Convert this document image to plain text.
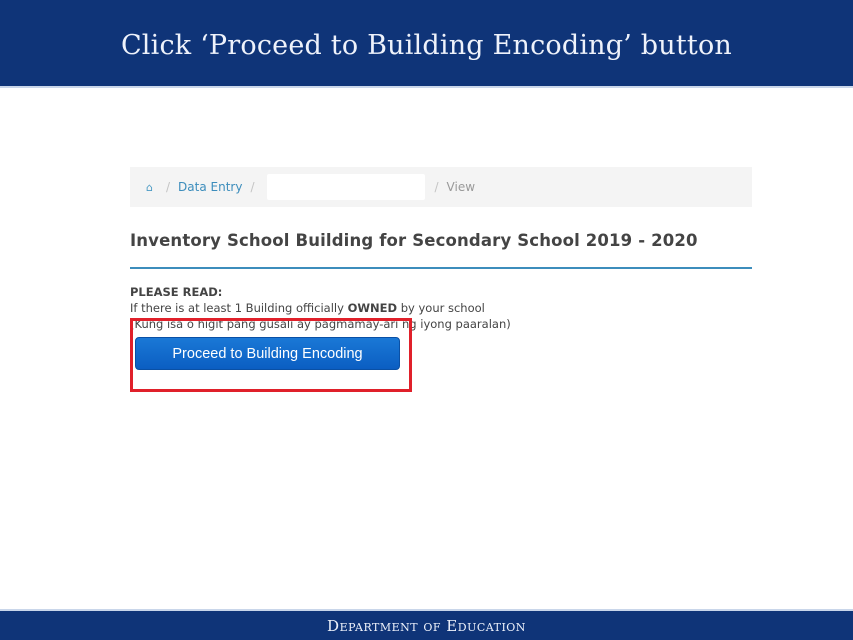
Click ‘Proceed to Building Encoding’ button
⌂	/ Data Entry /	/ View
Inventory School Building for Secondary School 2019 - 2020
PLEASE READ:
If there is at least 1 Building officially OWNED by your school
(Kung isa o higit pang gusali ay pagmamay-ari ng iyong paaralan)
Proceed to Building Encoding
Department of Education
